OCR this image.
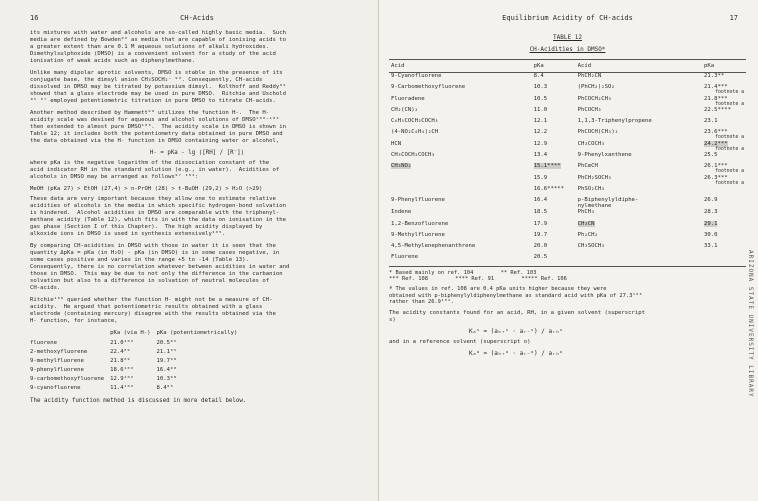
16	CH-Acids

its mixtures with water and alcohols are so-called highly basic media.  Such
media are defined by Bowden⁹² as media that are capable of ionising acids to
a greater extent than are 0.1 M aqueous solutions of alkali hydroxides.
Dimethylsulphoxide (DMSO) is a convenient solvent for a study of the acid
ionisation of weak acids such as diphenylmethane.

Unlike many dipolar aprotic solvents, DMSO is stable in the presence of its
conjugate base, the dimsyl anion CH₃SOCH₂⁻ ⁹³. Consequently, CH-acids
dissolved in DMSO may be titrated by potassium dimsyl.  Kolthoff and Reddy⁹⁴
showed that a glass electrode may be used in pure DMSO.  Ritchie and Uschold
⁹⁵ ⁹⁷ employed potentiometric titration in pure DMSO to titrate CH-acids.

Another method described by Hammett⁹⁹ utilizes the function H₋.  The H₋
acidity scale was devised for aqueous and alcohol solutions of DMSO¹⁰⁰⁻¹⁰²
then extended to almost pure DMSO¹⁰³.  The acidity scale in DMSO is shown in
Table 12; it includes both the potentiometry data obtained in pure DMSO and
the data obtained via the H₋ function in DMSO containing water or alcohol,

H₋ = pKa - lg ([RH] / [R⁻])

where pKa is the negative logarithm of the dissociation constant of the
acid indicator RH in the standard solution (e.g., in water).  Acidities of
alcohols in DMSO may be arranged as follows⁹⁷ ¹⁰⁴:

MeOH (pKa 27) > EtOH (27,4) > n-PrOH (28) > t-BuOH (29,2) > H₂O (>29)

These data are very important because they allow one to estimate relative
acidities of alcohols in the media in which specific hydrogen-bond solvation
is hindered.  Alcohol acidities in DMSO are comparable with the triphenyl-
methane acidity (Table 12), which fits in with the data on ionisation in the
gas phase (Section I of this Chapter).  The high acidity displayed by
alkoxide ions in DMSO is used in synthesis extensively¹⁰⁵.

By comparing CH-acidities in DMSO with those in water it is seen that the
quantity ΔpKa = pKa (in H₂O) - pKa (in DMSO) is in some cases negative, in
some cases positive and varies in the range +5 to -14 (Table 13).
Consequently, there is no correlation whatever between acidities in water and
those in DMSO.  This may be due to not only the difference in the carbanion
solvation but also to a difference in solvation of neutral molecules of
CH-acids.

Ritchie¹⁰⁶ queried whether the function H₋ might not be a measure of CH-
acidity.  He argued that potentiometric results obtained with a glass
electrode (containing mercury) disagree with the results obtained via the
H₋ function, for instance,

	pKa (via H₋)	pKa (potentiometrically)
fluorene	21.0¹⁰²	20.5⁹⁵
2-methoxyfluorene	22.4⁶⁹	21.1⁹⁵
9-methylfluorene	21.8⁶⁹	19.7⁹⁸
9-phenylfluorene	18.6¹⁰²	16.4⁹⁸
9-carbomethoxyfluorene	12.9¹⁰²	10.3⁹⁸
9-cyanofluorene	11.4¹⁰²	8.4⁹⁵
The acidity function method is discussed in more detail below.
Equilibrium Acidity of CH-acids	17
TABLE 12
CH-Acidities in DMSO*
Acid	pKa	Acid	pKa
9-Cyanofluorene	8.4	PhCH₂CN	21.3**
9-Carbomethoxyfluorene	10.3	(PhCH₂)₂SO₂	21.4***
footnote a

Fluoradene	10.5	PhCOCH₂CH₃	21.8***
footnote a

CH₂(CN)₂	11.0	PhCOCH₃	22.5****
C₆H₅COCH₂COCH₃	12.1	1,1,3-Triphenylpropene	23.1
(4-NO₂C₆H₄)₂CH	12.2	PhCOCH(CH₃)₂	23.6***
footnote a

HCN	12.9	CH₃COCH₃	24.2***
footnote a

CH₃COCH₂COCH₃	13.4	9-Phenylxanthene	25.5
CH₃NO₂	15.1****	PhC≡CH	26.1***
footnote a

	15.9	PhCH₂SOCH₃	26.3***
footnote a

	16.6*****	PhSO₂CH₃	
9-Phenylfluorene	16.4	p-Biphenylyldiphe-
nylmethane	26.9
Indene	18.5	PhCH₃	28.3
1,2-Benzofluorene	17.9	CH₃CN	29.1
9-Methylfluorene	19.7	Ph₂CH₂	30.0
4,5-Methylenephenanthrene	20.0	CH₃SOCH₃	33.1
Fluorene	20.5		
* Based mainly on ref. 104	** Ref. 103
*** Ref. 108	**** Ref. 91	***** Ref. 106
ª The values in ref. 108 are 0.4 pKa units higher because they were
obtained with p-biphenylyldiphenylmethane as standard acid with pKa of 27.3¹⁰³
rather than 26.9¹⁰⁴.

The acidity constants found for an acid, RH, in a given solvent (superscript
s)

Kₐˢ = (aₕ₊ˢ · aᵣ₋ˢ) / aᵣₕˢ

and in a reference solvent (superscript o)

Kₐᵒ = (aₕ₊ᵒ · aᵣ₋ᵒ) / aᵣₕᵒ	ARIZONA STATE UNIVERSITY LIBRARY
